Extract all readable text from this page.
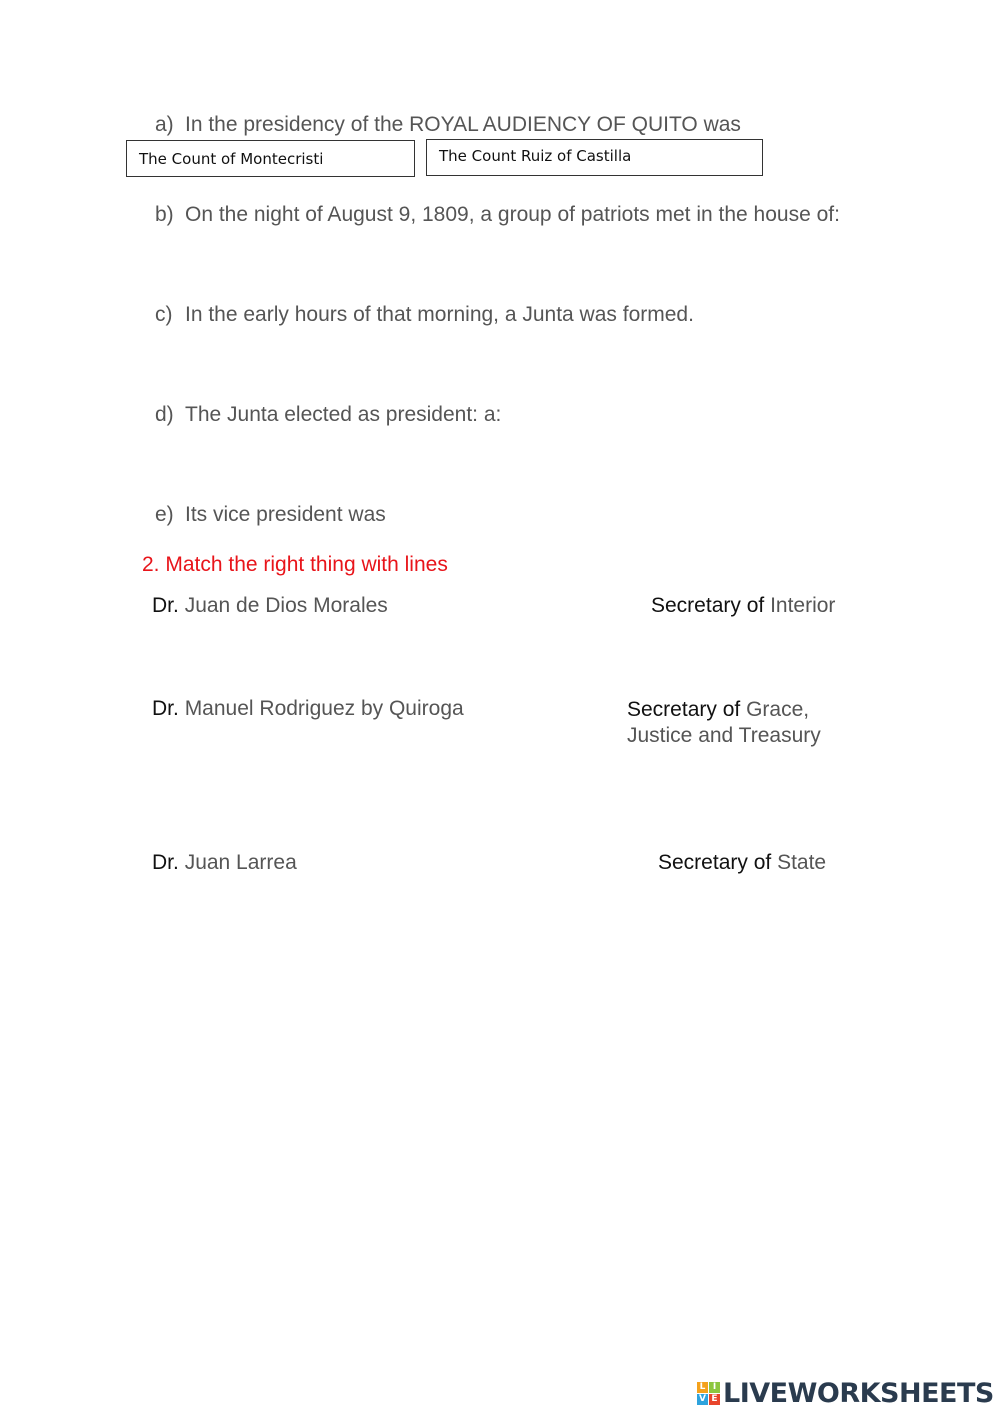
a) In the presidency of the ROYAL AUDIENCY OF QUITO was
The Count of Montecristi	The Count Ruiz of Castilla
b) On the night of August 9, 1809, a group of patriots met in the house of:
c) In the early hours of that morning, a Junta was formed.
d) The Junta elected as president: a:
e) Its vice president was
2. Match the right thing with lines
Dr. Juan de Dios Morales
Dr. Manuel Rodriguez by Quiroga
Dr. Juan Larrea
Secretary of Interior
Secretary of Grace,
Justice and Treasury
Secretary of State
L I
V E LIVEWORKSHEETS
